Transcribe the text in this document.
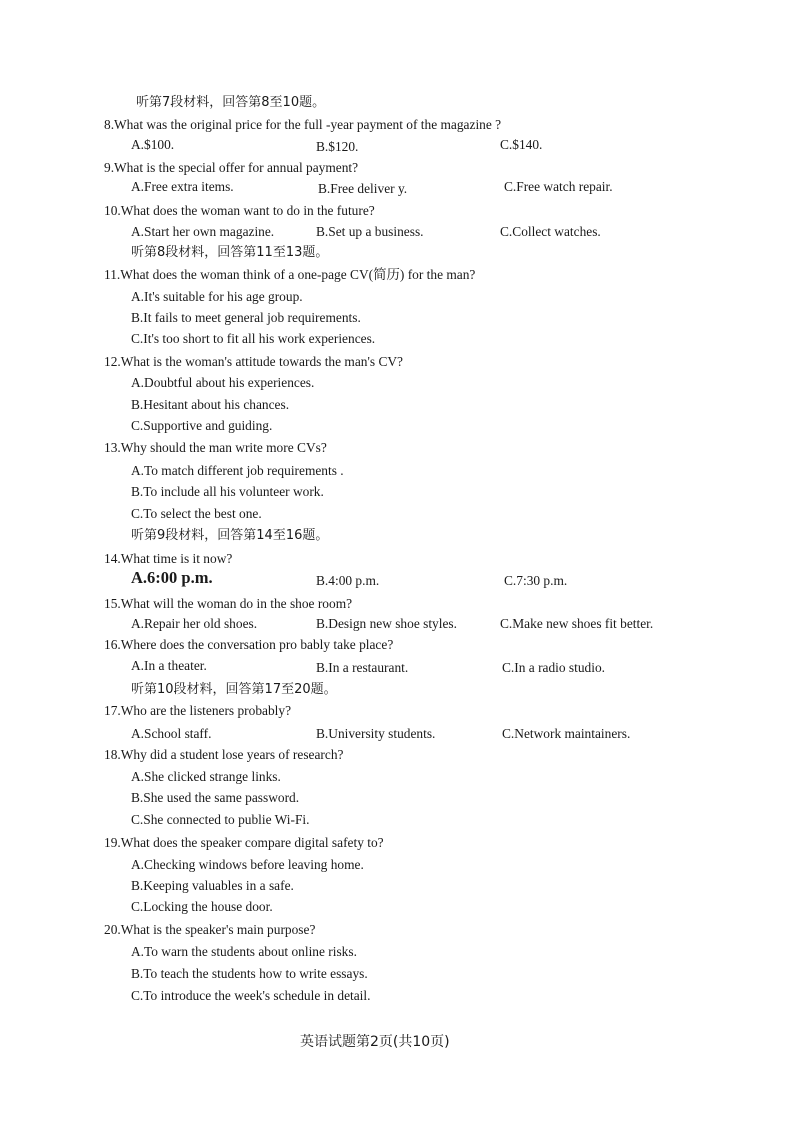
听第7段材料，回答第8至10题。
8.What was the original price for the full -year payment of the magazine ?
A.$100.	B.$120.	C.$140.
9.What is the special offer for annual payment?
A.Free extra items.	B.Free deliver y.	C.Free watch repair.
10.What does the woman want to do in the future?
A.Start her own magazine.	B.Set up a business.	C.Collect watches.
听第8段材料，回答第11至13题。
11.What does the woman think of a one-page CV(简历) for the man?
A.It's suitable for his age group.
B.It fails to meet general job requirements.
C.It's too short to fit all his work experiences.
12.What is the woman's attitude towards the man's CV?
A.Doubtful about his experiences.
B.Hesitant about his chances.
C.Supportive and guiding.
13.Why should the man write more CVs?
A.To match different job requirements .
B.To include all his volunteer work.
C.To select the best one.
听第9段材料，回答第14至16题。
14.What time is it now?
A.6:00 p.m.	B.4:00 p.m.	C.7:30 p.m.
15.What will the woman do in the shoe room?
A.Repair her old shoes.	B.Design new shoe styles.	C.Make new shoes fit better.
16.Where does the conversation pro bably take place?
A.In a theater.	B.In a restaurant.	C.In a radio studio.
听第10段材料，回答第17至20题。
17.Who are the listeners probably?
A.School staff.	B.University students.	C.Network maintainers.
18.Why did a student lose years of research?
A.She clicked strange links.
B.She used the same password.
C.She connected to publie Wi-Fi.
19.What does the speaker compare digital safety to?
A.Checking windows before leaving home.
B.Keeping valuables in a safe.
C.Locking the house door.
20.What is the speaker's main purpose?
A.To warn the students about online risks.
B.To teach the students how to write essays.
C.To introduce the week's schedule in detail.
英语试题第2页(共10页)
